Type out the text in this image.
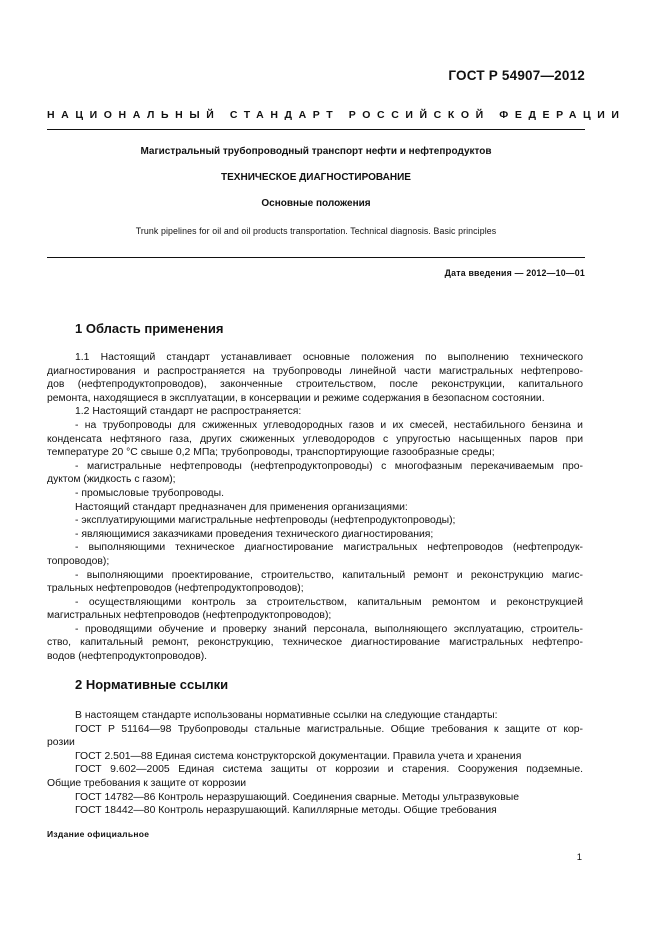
ГОСТ Р 54907—2012
НАЦИОНАЛЬНЫЙ СТАНДАРТ РОССИЙСКОЙ ФЕДЕРАЦИИ
Магистральный трубопроводный транспорт нефти и нефтепродуктов
ТЕХНИЧЕСКОЕ ДИАГНОСТИРОВАНИЕ
Основные положения
Trunk pipelines for oil and oil products transportation. Technical diagnosis. Basic principles
Дата введения — 2012—10—01
1 Область применения

1.1 Настоящий стандарт устанавливает основные положения по выполнению технического

диагностирования и распространяется на трубопроводы линейной части магистральных нефтепрово-

дов (нефтепродуктопроводов), законченные строительством, после реконструкции, капитального

ремонта, находящиеся в эксплуатации, в консервации и режиме содержания в безопасном состоянии.

1.2 Настоящий стандарт не распространяется:

- на трубопроводы для сжиженных углеводородных газов и их смесей, нестабильного бензина и

конденсата нефтяного газа, других сжиженных углеводородов с упругостью насыщенных паров при

температуре 20 °С свыше 0,2 МПа; трубопроводы, транспортирующие газообразные среды;

- магистральные нефтепроводы (нефтепродуктопроводы) с многофазным перекачиваемым про-

дуктом (жидкость с газом);

- промысловые трубопроводы.

Настоящий стандарт предназначен для применения организациями:

- эксплуатирующими магистральные нефтепроводы (нефтепродуктопроводы);

- являющимися заказчиками проведения технического диагностирования;

- выполняющими техническое диагностирование магистральных нефтепроводов (нефтепродук-

топроводов);

- выполняющими проектирование, строительство, капитальный ремонт и реконструкцию магис-

тральных нефтепроводов (нефтепродуктопроводов);

- осуществляющими контроль за строительством, капитальным ремонтом и реконструкцией

магистральных нефтепроводов (нефтепродуктопроводов);

- проводящими обучение и проверку знаний персонала, выполняющего эксплуатацию, строитель-

ство, капитальный ремонт, реконструкцию, техническое диагностирование магистральных нефтепро-

водов (нефтепродуктопроводов).

2 Нормативные ссылки

В настоящем стандарте использованы нормативные ссылки на следующие стандарты:

ГОСТ Р 51164—98 Трубопроводы стальные магистральные. Общие требования к защите от кор-

розии

ГОСТ 2.501—88 Единая система конструкторской документации. Правила учета и хранения

ГОСТ 9.602—2005 Единая система защиты от коррозии и старения. Сооружения подземные.

Общие требования к защите от коррозии

ГОСТ 14782—86 Контроль неразрушающий. Соединения сварные. Методы ультразвуковые

ГОСТ 18442—80 Контроль неразрушающий. Капиллярные методы. Общие требования

Издание официальное
1
